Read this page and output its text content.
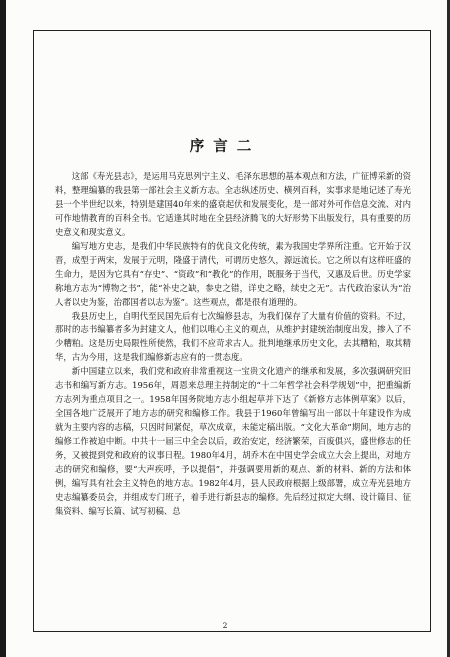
序言二

这部《寿光县志》，是运用马克思列宁主义、毛泽东思想的基本观点和方法，广征博采新的资料，整理编纂的我县第一部社会主义新方志。全志纵述历史、横列百科，实事求是地记述了寿光县一个半世纪以来，特别是建国40年来的盛衰起伏和发展变化，是一部对外可作信息交流、对内可作地情教育的百科全书。它适逢其时地在全县经济腾飞的大好形势下出版发行，具有重要的历史意义和现实意义。

编写地方史志，是我们中华民族特有的优良文化传统，素为我国史学界所注重。它开始于汉晋，成型于两宋，发展于元明，隆盛于清代，可谓历史悠久，源远流长。它之所以有这样旺盛的生命力，是因为它具有“存史”、“资政”和“教化”的作用，既服务于当代，又惠及后世。历史学家称地方志为“博物之书”，能“补史之缺，参史之错，详史之略，续史之无”。古代政治家认为“治人者以史为鉴，治郡国者以志为鉴”。这些观点，都是很有道理的。

我县历史上，自明代至民国先后有七次编修县志，为我们保存了大量有价值的资料。不过，那时的志书编纂者多为封建文人，他们以唯心主义的观点，从维护封建统治制度出发，掺入了不少糟粕。这是历史局限性所使然，我们不应苛求古人。批判地继承历史文化，去其糟粕，取其精华，古为今用，这是我们编修新志应有的一贯态度。

新中国建立以来，我们党和政府非常重视这一宝贵文化遗产的继承和发展，多次强调研究旧志书和编写新方志。1956年，周恩来总理主持制定的“十二年哲学社会科学规划”中，把重编新方志列为重点项目之一。1958年国务院地方志小组起草并下达了《新修方志体例草案》以后，全国各地广泛展开了地方志的研究和编修工作。我县于1960年曾编写出一部以十年建设作为成就为主要内容的志稿，只因时间紧促，草次成章，未能定稿出版。“文化大革命”期间，地方志的编修工作被迫中断。中共十一届三中全会以后，政治安定，经济繁荣，百废俱兴，盛世修志的任务，又被提到党和政府的议事日程。1980年4月，胡乔木在中国史学会成立大会上提出，对地方志的研究和编修，要“大声疾呼，予以提倡”，并强调要用新的观点、新的材料、新的方法和体例，编写具有社会主义特色的地方志。1982年4月，县人民政府根据上级部署，成立寿光县地方史志编纂委员会，并组成专门班子，着手进行新县志的编修。先后经过拟定大纲、设计篇目、征集资料、编写长篇、试写初稿、总

2
